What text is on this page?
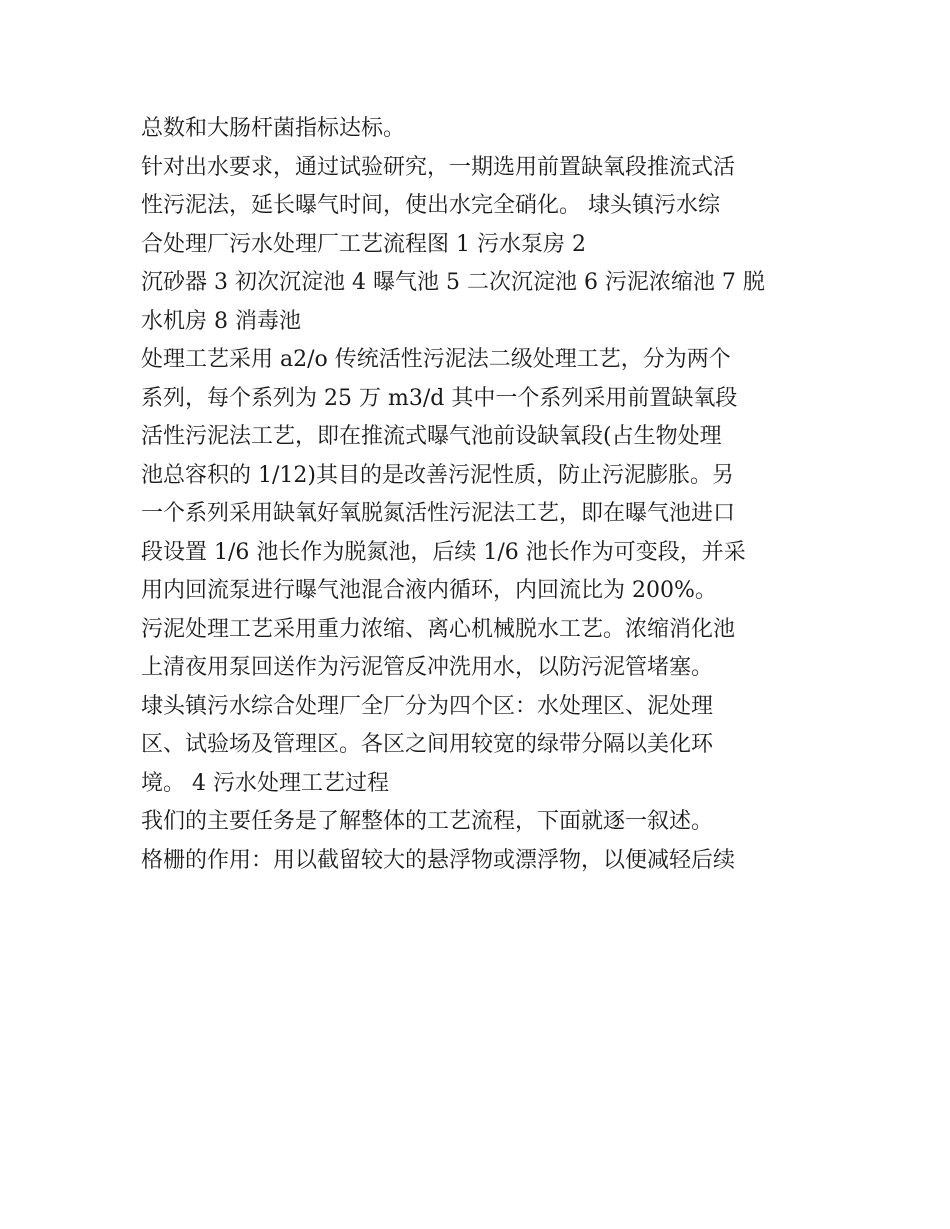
总数和大肠杆菌指标达标。
针对出水要求，通过试验研究，一期选用前置缺氧段推流式活
性污泥法，延长曝气时间，使出水完全硝化。 埭头镇污水综
合处理厂污水处理厂工艺流程图 1 污水泵房 2
沉砂器 3 初次沉淀池 4 曝气池 5 二次沉淀池 6 污泥浓缩池 7 脱
水机房 8 消毒池
处理工艺采用 a2/o 传统活性污泥法二级处理工艺，分为两个
系列，每个系列为 25 万 m3/d 其中一个系列采用前置缺氧段
活性污泥法工艺，即在推流式曝气池前设缺氧段(占生物处理
池总容积的 1/12)其目的是改善污泥性质，防止污泥膨胀。另
一个系列采用缺氧好氧脱氮活性污泥法工艺，即在曝气池进口
段设置 1/6 池长作为脱氮池，后续 1/6 池长作为可变段，并采
用内回流泵进行曝气池混合液内循环，内回流比为 200%。
污泥处理工艺采用重力浓缩、离心机械脱水工艺。浓缩消化池
上清夜用泵回送作为污泥管反冲洗用水，以防污泥管堵塞。
埭头镇污水综合处理厂全厂分为四个区：水处理区、泥处理
区、试验场及管理区。各区之间用较宽的绿带分隔以美化环
境。 4 污水处理工艺过程
我们的主要任务是了解整体的工艺流程，下面就逐一叙述。
格栅的作用：用以截留较大的悬浮物或漂浮物，以便减轻后续
